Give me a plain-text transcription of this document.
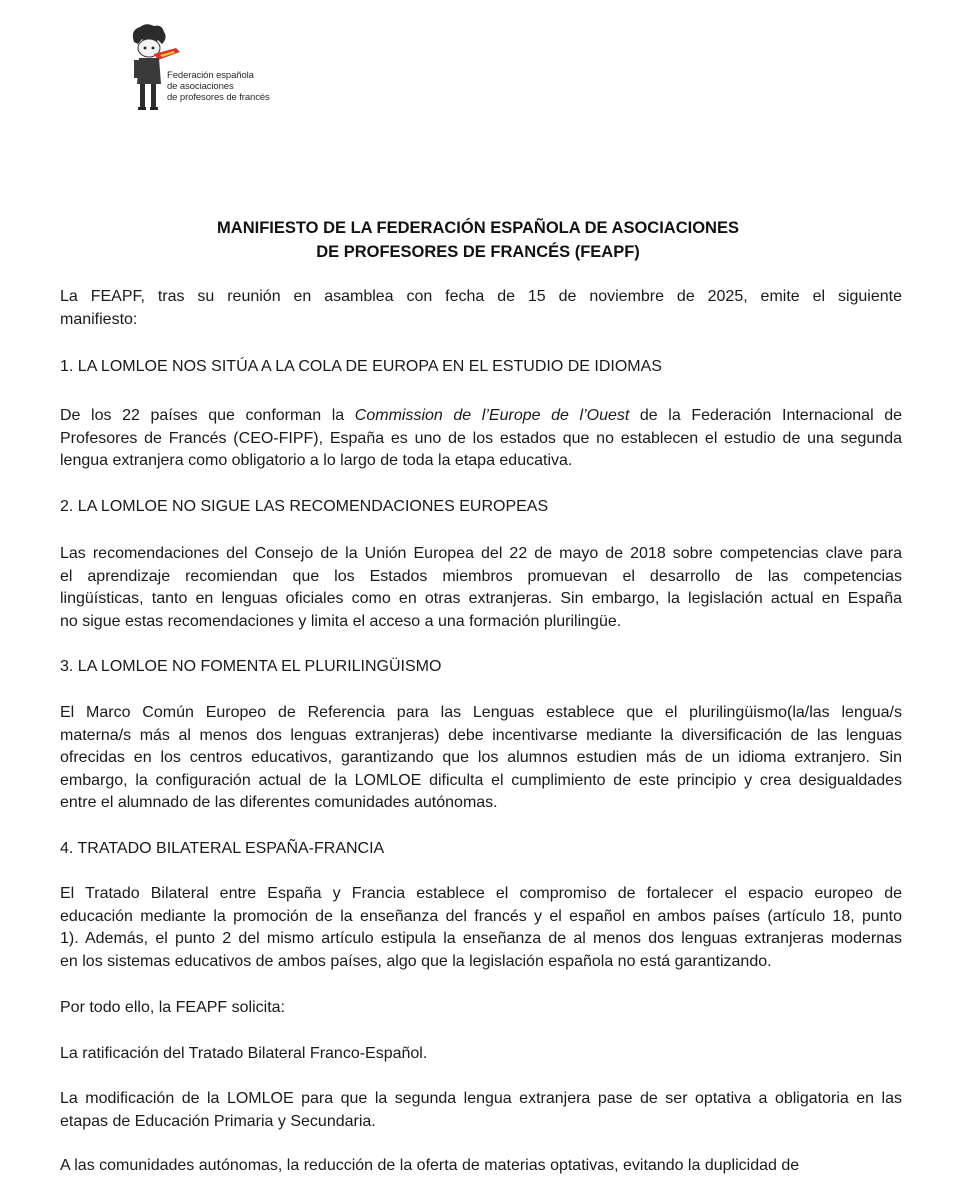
Federación española
de asociaciones
de profesores de francés
MANIFIESTO DE LA FEDERACIÓN ESPAÑOLA DE ASOCIACIONES
DE PROFESORES DE FRANCÉS (FEAPF)
La FEAPF, tras su reunión en asamblea con fecha de 15 de noviembre de 2025, emite el siguiente
manifiesto:
1. LA LOMLOE NOS SITÚA A LA COLA DE EUROPA EN EL ESTUDIO DE IDIOMAS
De los 22 países que conforman la Commission de l’Europe de l’Ouest de la Federación Internacional de
Profesores de Francés (CEO-FIPF), España es uno de los estados que no establecen el estudio de una segunda
lengua extranjera como obligatorio a lo largo de toda la etapa educativa.
2. LA LOMLOE NO SIGUE LAS RECOMENDACIONES EUROPEAS
Las recomendaciones del Consejo de la Unión Europea del 22 de mayo de 2018 sobre competencias clave para
el aprendizaje recomiendan que los Estados miembros promuevan el desarrollo de las competencias
lingüísticas, tanto en lenguas oficiales como en otras extranjeras. Sin embargo, la legislación actual en España
no sigue estas recomendaciones y limita el acceso a una formación plurilingüe.
3. LA LOMLOE NO FOMENTA EL PLURILINGÜISMO
El Marco Común Europeo de Referencia para las Lenguas establece que el plurilingüismo(la/las lengua/s
materna/s más al menos dos lenguas extranjeras) debe incentivarse mediante la diversificación de las lenguas
ofrecidas en los centros educativos, garantizando que los alumnos estudien más de un idioma extranjero. Sin
embargo, la configuración actual de la LOMLOE dificulta el cumplimiento de este principio y crea desigualdades
entre el alumnado de las diferentes comunidades autónomas.
4. TRATADO BILATERAL ESPAÑA-FRANCIA
El Tratado Bilateral entre España y Francia establece el compromiso de fortalecer el espacio europeo de
educación mediante la promoción de la enseñanza del francés y el español en ambos países (artículo 18, punto
1). Además, el punto 2 del mismo artículo estipula la enseñanza de al menos dos lenguas extranjeras modernas
en los sistemas educativos de ambos países, algo que la legislación española no está garantizando.
Por todo ello, la FEAPF solicita:
La ratificación del Tratado Bilateral Franco-Español.
La modificación de la LOMLOE para que la segunda lengua extranjera pase de ser optativa a obligatoria en las
etapas de Educación Primaria y Secundaria.
A las comunidades autónomas, la reducción de la oferta de materias optativas, evitando la duplicidad de
